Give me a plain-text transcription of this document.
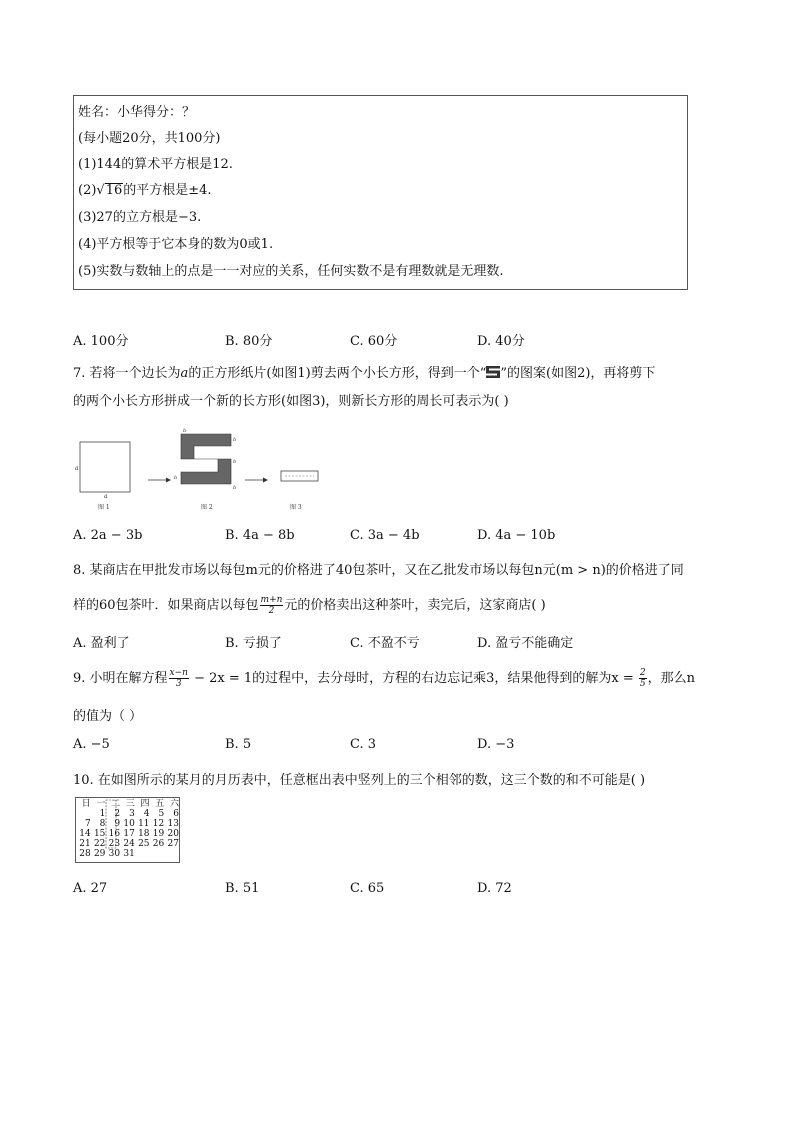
姓名：小华得分：？
(每小题20分，共100分)
(1)144的算术平方根是12.
(2)√16的平方根是±4.
(3)27的立方根是−3.
(4)平方根等于它本身的数为0或1.
(5)实数与数轴上的点是一一对应的关系，任何实数不是有理数就是无理数.
A. 100分	B. 80分	C. 60分	D. 40分
7. 若将一个边长为a的正方形纸片(如图1)剪去两个小长方形，得到一个“ ”的图案(如图2)，再将剪下
的两个小长方形拼成一个新的长方形(如图3)，则新长方形的周长可表示为( )
a
a
图 1
b
b
b
b
b
图 2	图 3
A. 2a − 3b	B. 4a − 8b	C. 3a − 4b	D. 4a − 10b
8. 某商店在甲批发市场以每包m元的价格进了40包茶叶，又在乙批发市场以每包n元(m > n)的价格进了同
样的60包茶叶．如果商店以每包 $\frac{m+n}{2}$ 元的价格卖出这种茶叶，卖完后，这家商店( )
A. 盈利了	B. 亏损了	C. 不盈不亏	D. 盈亏不能确定
9. 小明在解方程 $\frac{x-n}{3} - 2x = 1$的过程中，去分母时，方程的右边忘记乘3，结果他得到的解为$x = \frac{2}{5}$ ，那么n
的值为（ ）
A. −5	B. 5	C. 3	D. −3
10. 在如图所示的某月的月历表中，任意框出表中竖列上的三个相邻的数，这三个数的和不可能是( )
日	一	二	三	四	五	六
	1	2	3	4	5	6
7	8	9	10	11	12	13
14	15	16	17	18	19	20
21	22	23	24	25	26	27
28	29	30	31			
A. 27	B. 51	C. 65	D. 72
